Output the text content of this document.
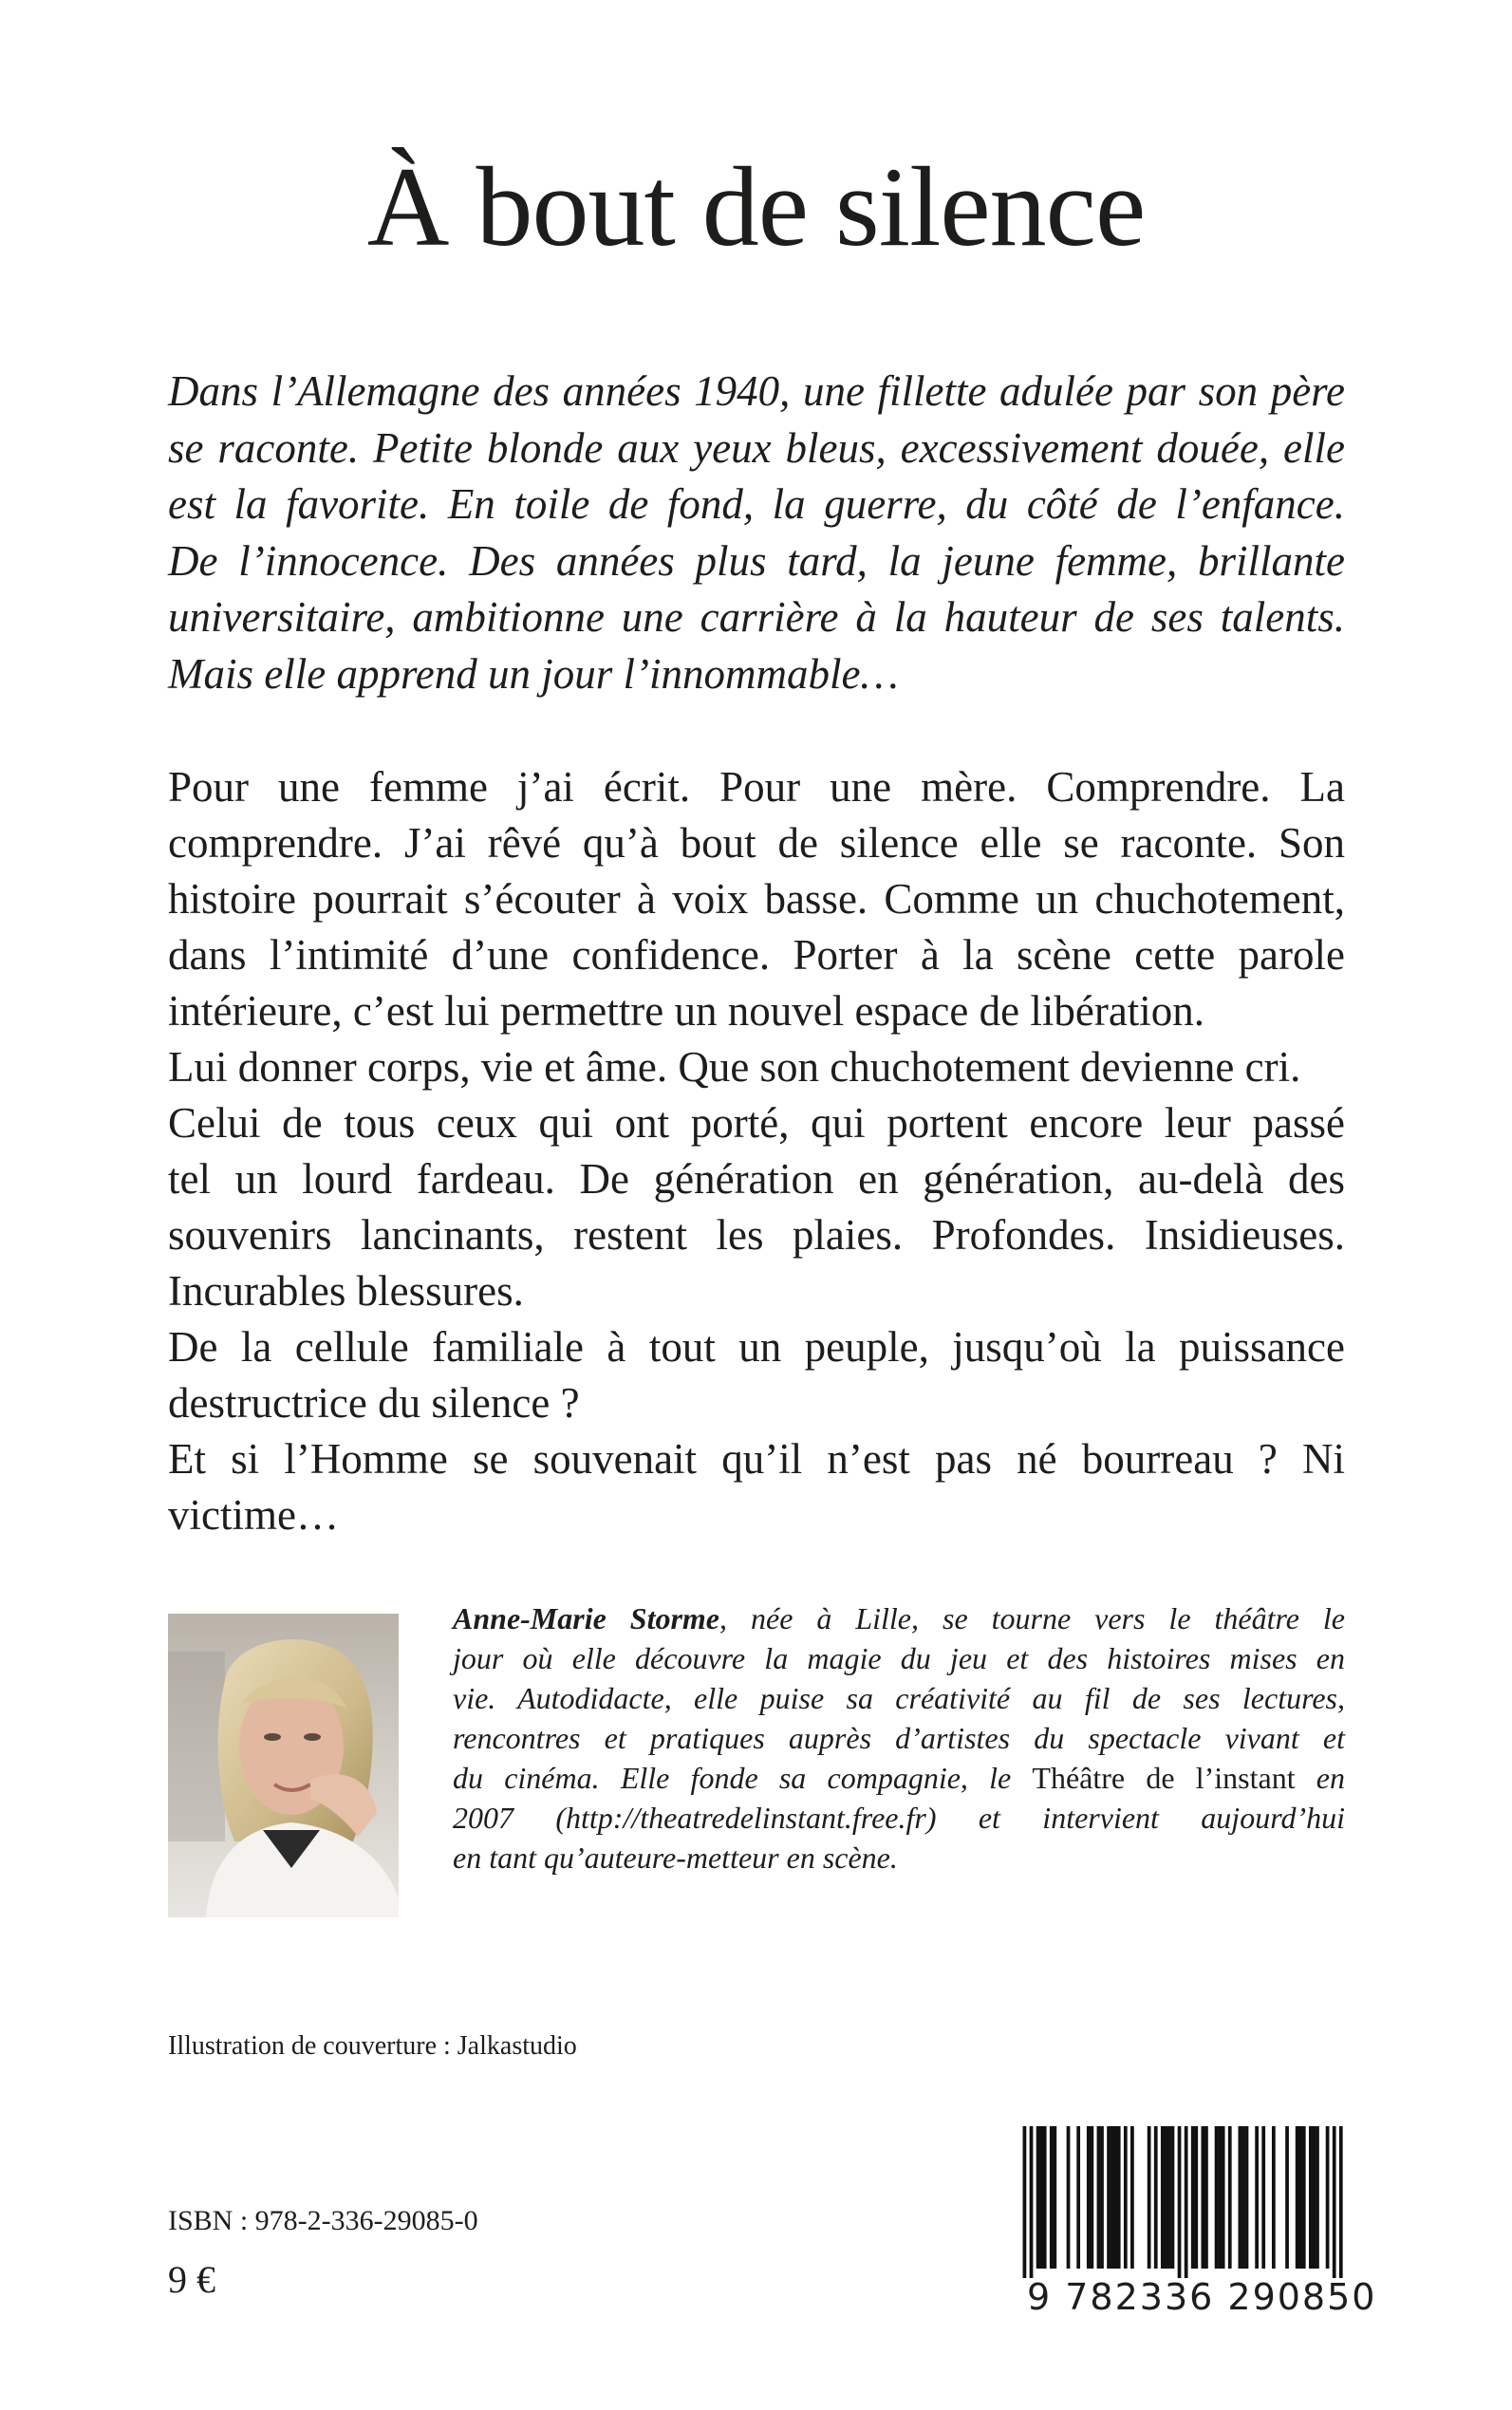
À bout de silence

Dans l’Allemagne des années 1940, une fillette adulée par son père
se raconte. Petite blonde aux yeux bleus, excessivement douée, elle
est la favorite. En toile de fond, la guerre, du côté de l’enfance.
De l’innocence. Des années plus tard, la jeune femme, brillante
universitaire, ambitionne une carrière à la hauteur de ses talents.
Mais elle apprend un jour l’innommable…

Pour une femme j’ai écrit. Pour une mère. Comprendre. La
comprendre. J’ai rêvé qu’à bout de silence elle se raconte. Son
histoire pourrait s’écouter à voix basse. Comme un chuchotement,
dans l’intimité d’une confidence. Porter à la scène cette parole
intérieure, c’est lui permettre un nouvel espace de libération.
Lui donner corps, vie et âme. Que son chuchotement devienne cri.
Celui de tous ceux qui ont porté, qui portent encore leur passé
tel un lourd fardeau. De génération en génération, au-delà des
souvenirs lancinants, restent les plaies. Profondes. Insidieuses.
Incurables blessures.
De la cellule familiale à tout un peuple, jusqu’où la puissance
destructrice du silence ?
Et si l’Homme se souvenait qu’il n’est pas né bourreau ? Ni
victime…

Anne-Marie Storme, née à Lille, se tourne vers le théâtre le
jour où elle découvre la magie du jeu et des histoires mises en
vie. Autodidacte, elle puise sa créativité au fil de ses lectures,
rencontres et pratiques auprès d’artistes du spectacle vivant et
du cinéma. Elle fonde sa compagnie, le Théâtre de l’instant en
2007 (http://theatredelinstant.free.fr) et intervient aujourd’hui
en tant qu’auteure-metteur en scène.

Illustration de couverture : Jalkastudio

ISBN : 978-2-336-29085-0

9 €	9 782336 290850
